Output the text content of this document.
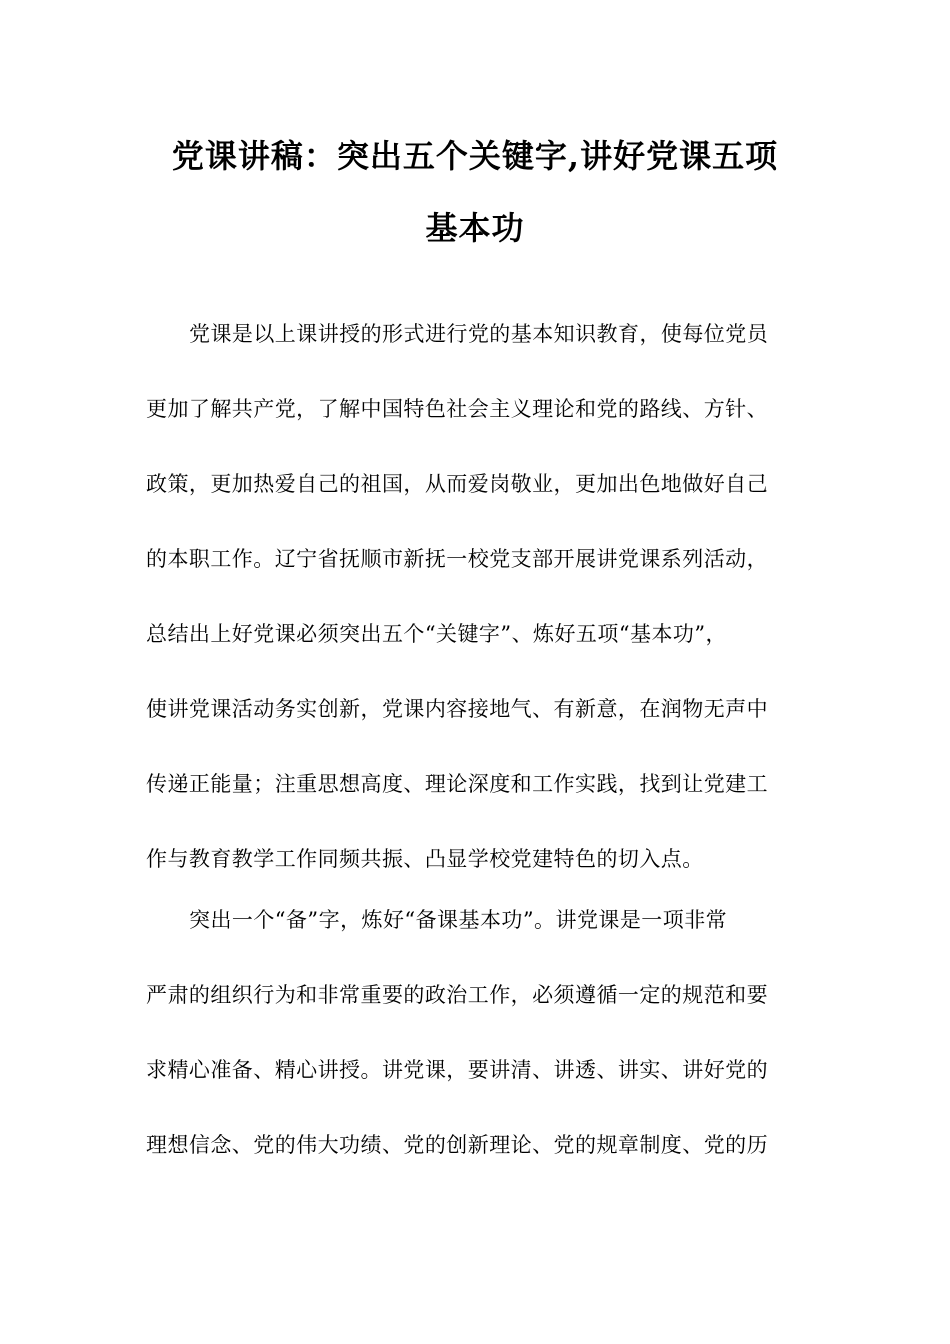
党课讲稿：突出五个关键字,讲好党课五项
基本功
党课是以上课讲授的形式进行党的基本知识教育，使每位党员
更加了解共产党，了解中国特色社会主义理论和党的路线、方针、
政策，更加热爱自己的祖国，从而爱岗敬业，更加出色地做好自己
的本职工作。辽宁省抚顺市新抚一校党支部开展讲党课系列活动，
总结出上好党课必须突出五个“关键字”、炼好五项“基本功”，
使讲党课活动务实创新，党课内容接地气、有新意，在润物无声中
传递正能量；注重思想高度、理论深度和工作实践，找到让党建工
作与教育教学工作同频共振、凸显学校党建特色的切入点。
突出一个“备”字，炼好“备课基本功”。讲党课是一项非常
严肃的组织行为和非常重要的政治工作，必须遵循一定的规范和要
求精心准备、精心讲授。讲党课，要讲清、讲透、讲实、讲好党的
理想信念、党的伟大功绩、党的创新理论、党的规章制度、党的历
